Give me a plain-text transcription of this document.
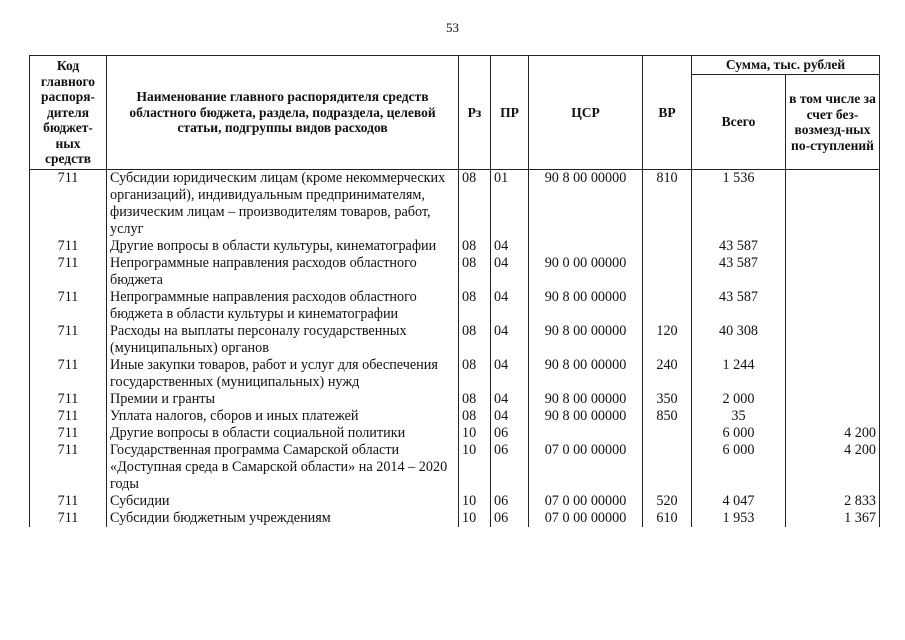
53
Код главного распоря-дителя бюджет-ных средств	Наименование главного распорядителя средств областного бюджета, раздела, подраздела, целевой статьи, подгруппы видов расходов	Рз	ПР	ЦСР	ВР	Сумма, тыс. рублей	
						Всего	в том числе за счет без-возмезд-ных по-ступлений
711	Субсидии юридическим лицам (кроме некоммерческих организаций), индивидуальным предпринимателям, физическим лицам – производителям товаров, работ, услуг	08	01	90 8 00 00000	810	1 536	
711	Другие вопросы в области культуры, кинематографии	08	04			43 587	
711	Непрограммные направления расходов областного бюджета	08	04	90 0 00 00000		43 587	
711	Непрограммные направления расходов областного бюджета в области культуры и кинематографии	08	04	90 8 00 00000		43 587	
711	Расходы на выплаты персоналу государственных (муниципальных) органов	08	04	90 8 00 00000	120	40 308	
711	Иные закупки товаров, работ и услуг для обеспечения государственных (муниципальных) нужд	08	04	90 8 00 00000	240	1 244	
711	Премии и гранты	08	04	90 8 00 00000	350	2 000	
711	Уплата налогов, сборов и иных платежей	08	04	90 8 00 00000	850	35	
711	Другие вопросы в области социальной политики	10	06			6 000	4 200
711	Государственная программа Самарской области «Доступная среда в Самарской области» на 2014 – 2020 годы	10	06	07 0 00 00000		6 000	4 200
711	Субсидии	10	06	07 0 00 00000	520	4 047	2 833
711	Субсидии бюджетным учреждениям	10	06	07 0 00 00000	610	1 953	1 367
